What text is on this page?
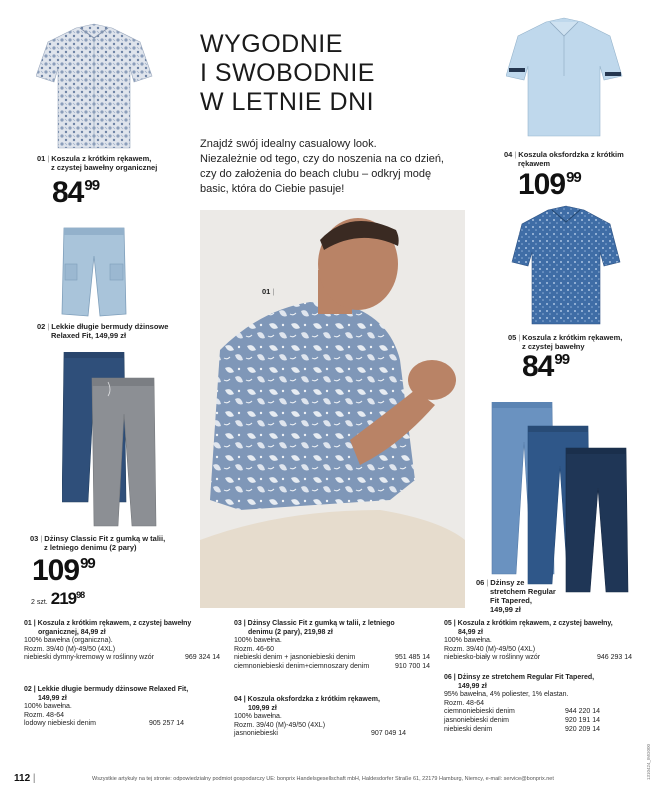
01 | Koszula z krótkim rękawem,
z czystej bawełny organicznej
8499
02 | Lekkie długie bermudy dżinsowe
Relaxed Fit, 149,99 zł
03 | Dżinsy Classic Fit z gumką w talii,
z letniego denimu (2 pary)
10999
2 szt. $219^{98}$
WYGODNIE
I SWOBODNIE
W LETNIE DNI
Znajdź swój idealny casualowy look.
Niezależnie od tego, czy do noszenia na co dzień,
czy do założenia do beach clubu – odkryj modę
basic, która do Ciebie pasuje!
01 |
04 | Koszula oksfordzka z krótkim
rękawem
10999
05 | Koszula z krótkim rękawem,
z czystej bawełny
8499
06 | Dżinsy ze
stretchem Regular
Fit Tapered,
149,99 zł
01 | Koszula z krótkim rękawem, z czystej bawełny
organicznej, 84,99 zł
100% bawełna (organiczna).
Rozm. 39/40 (M)-49/50 (4XL)
niebieski dymny-kremowy w roślinny wzór	969 324 14
02 | Lekkie długie bermudy dżinsowe Relaxed Fit,
149,99 zł
100% bawełna.
Rozm. 48-64
lodowy niebieski denim	905 257 14
03 | Dżinsy Classic Fit z gumką w talii, z letniego
denimu (2 pary), 219,98 zł
100% bawełna.
Rozm. 46-60
niebieski denim + jasnoniebieski denim	951 485 14
ciemnoniebieski denim+ciemnoszary denim	910 700 14
04 | Koszula oksfordzka z krótkim rękawem,
109,99 zł
100% bawełna.
Rozm. 39/40 (M)-49/50 (4XL)
jasnoniebieski	907 049 14
05 | Koszula z krótkim rękawem, z czystej bawełny,
84,99 zł
100% bawełna.
Rozm. 39/40 (M)-49/50 (4XL)
niebiesko-biały w roślinny wzór	946 293 14
06 | Dżinsy ze stretchem Regular Fit Tapered,
149,99 zł
95% bawełna, 4% poliester, 1% elastan.
Rozm. 48-64
ciemnoniebieski denim	944 220 14
jasnoniebieski denim	920 191 14
niebieski denim	920 209 14
112 |	Wszystkie artykuły na tej stronie: odpowiedzialny podmiot gospodarczy UE: bonprix Handelsgesellschaft mbH, Haldesdorfer Straße 61, 22179 Hamburg, Niemcy, e-mail: service@bonprix.net	1310424_IMG000
